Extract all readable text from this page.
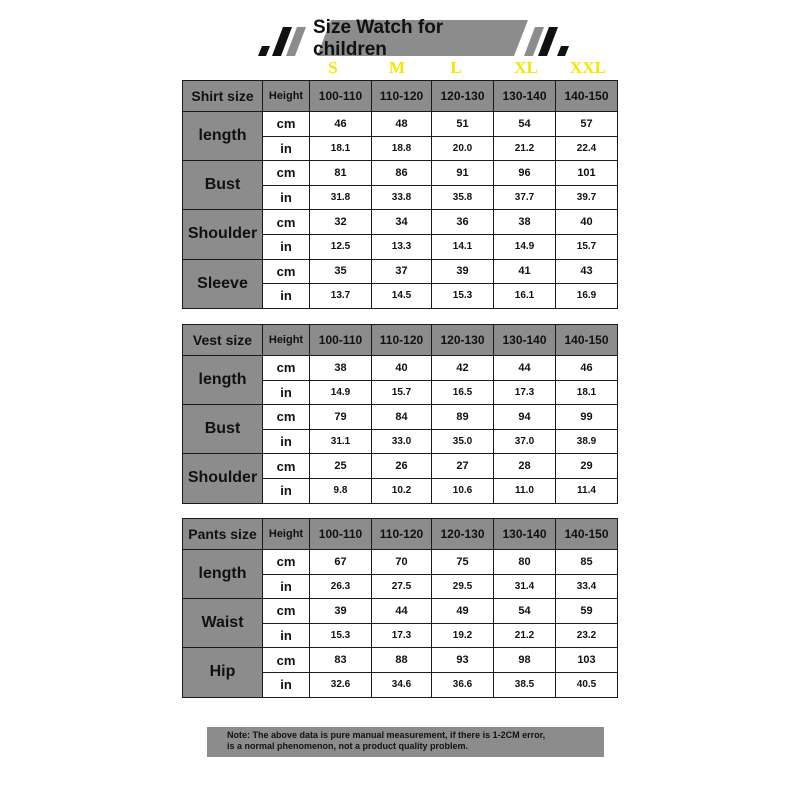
Size Watch for children
S	M	L	XL	XXL
Shirt size	Height	100-110	110-120	120-130	130-140	140-150
length	cm	46	48	51	54	57
	in	18.1	18.8	20.0	21.2	22.4
Bust	cm	81	86	91	96	101
	in	31.8	33.8	35.8	37.7	39.7
Shoulder	cm	32	34	36	38	40
	in	12.5	13.3	14.1	14.9	15.7
Sleeve	cm	35	37	39	41	43
	in	13.7	14.5	15.3	16.1	16.9
Vest size	Height	100-110	110-120	120-130	130-140	140-150
length	cm	38	40	42	44	46
	in	14.9	15.7	16.5	17.3	18.1
Bust	cm	79	84	89	94	99
	in	31.1	33.0	35.0	37.0	38.9
Shoulder	cm	25	26	27	28	29
	in	9.8	10.2	10.6	11.0	11.4
Pants size	Height	100-110	110-120	120-130	130-140	140-150
length	cm	67	70	75	80	85
	in	26.3	27.5	29.5	31.4	33.4
Waist	cm	39	44	49	54	59
	in	15.3	17.3	19.2	21.2	23.2
Hip	cm	83	88	93	98	103
	in	32.6	34.6	36.6	38.5	40.5
Note: The above data is pure manual measurement, if there is 1-2CM error,
is a normal phenomenon, not a product quality problem.
